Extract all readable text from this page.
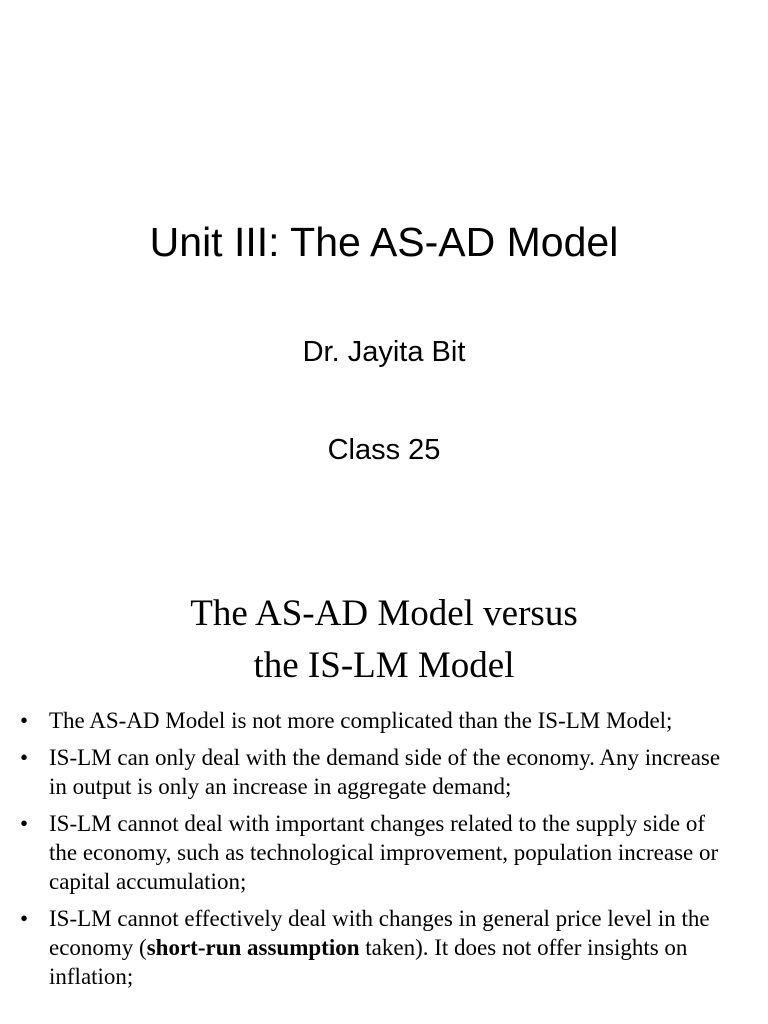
Unit III: The AS-AD Model
Dr. Jayita Bit
Class 25
The AS-AD Model versus
the IS-LM Model
• The AS-AD Model is not more complicated than the IS-LM Model;
• IS-LM can only deal with the demand side of the economy. Any increase in output is only an increase in aggregate demand;
• IS-LM cannot deal with important changes related to the supply side of the economy, such as technological improvement, population increase or capital accumulation;
• IS-LM cannot effectively deal with changes in general price level in the economy (short-run assumption taken). It does not offer insights on inflation;
